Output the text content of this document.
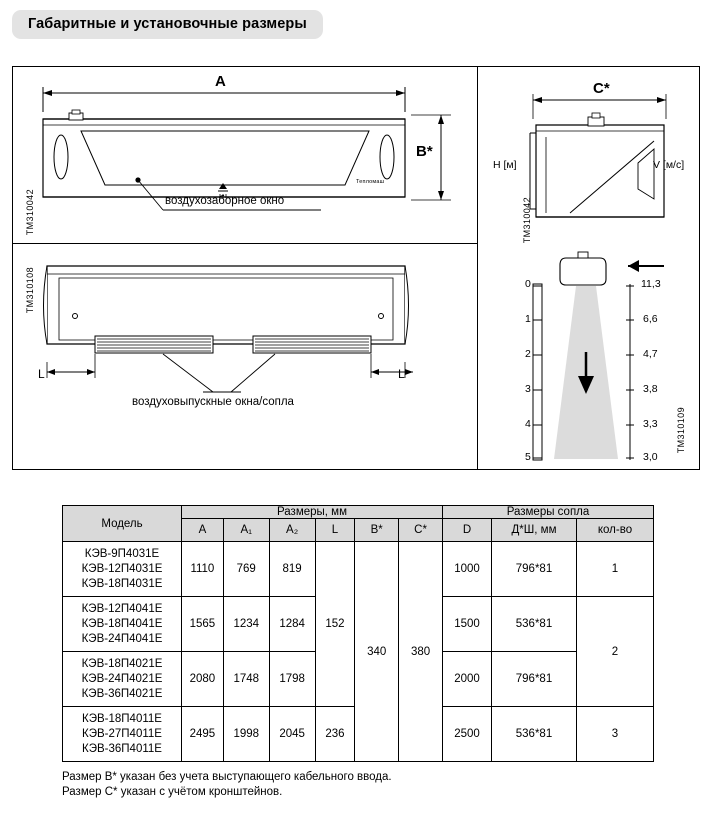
Габаритные и установочные размеры
A
B*
воздухозаборное окно
TM310042
Тепломаш
C*
TM310042
L	L
воздуховыпускные окна/сопла
TM310108
H [м]	V [м/с]
0
1
2
3
4
5
11,3
6,6
4,7
3,8
3,3
3,0
TM310109
Модель	Размеры, мм						Размеры сопла		
	A	A₁	A₂	L	B*	C*	D	Д*Ш, мм	кол-во

КЭВ-9П4031Е
КЭВ-12П4031Е
КЭВ-18П4031Е	1110	769	819	152	340	380	1000	796*81	1

КЭВ-12П4041Е
КЭВ-18П4041Е
КЭВ-24П4041Е	1565	1234	1284				1500	536*81	2

КЭВ-18П4021Е
КЭВ-24П4021Е
КЭВ-36П4021Е	2080	1748	1798				2000	796*81	

КЭВ-18П4011Е
КЭВ-27П4011Е
КЭВ-36П4011Е	2495	1998	2045	236			2500	536*81	3
Размер B* указан без учета выступающего кабельного ввода.
Размер C* указан с учётом кронштейнов.
